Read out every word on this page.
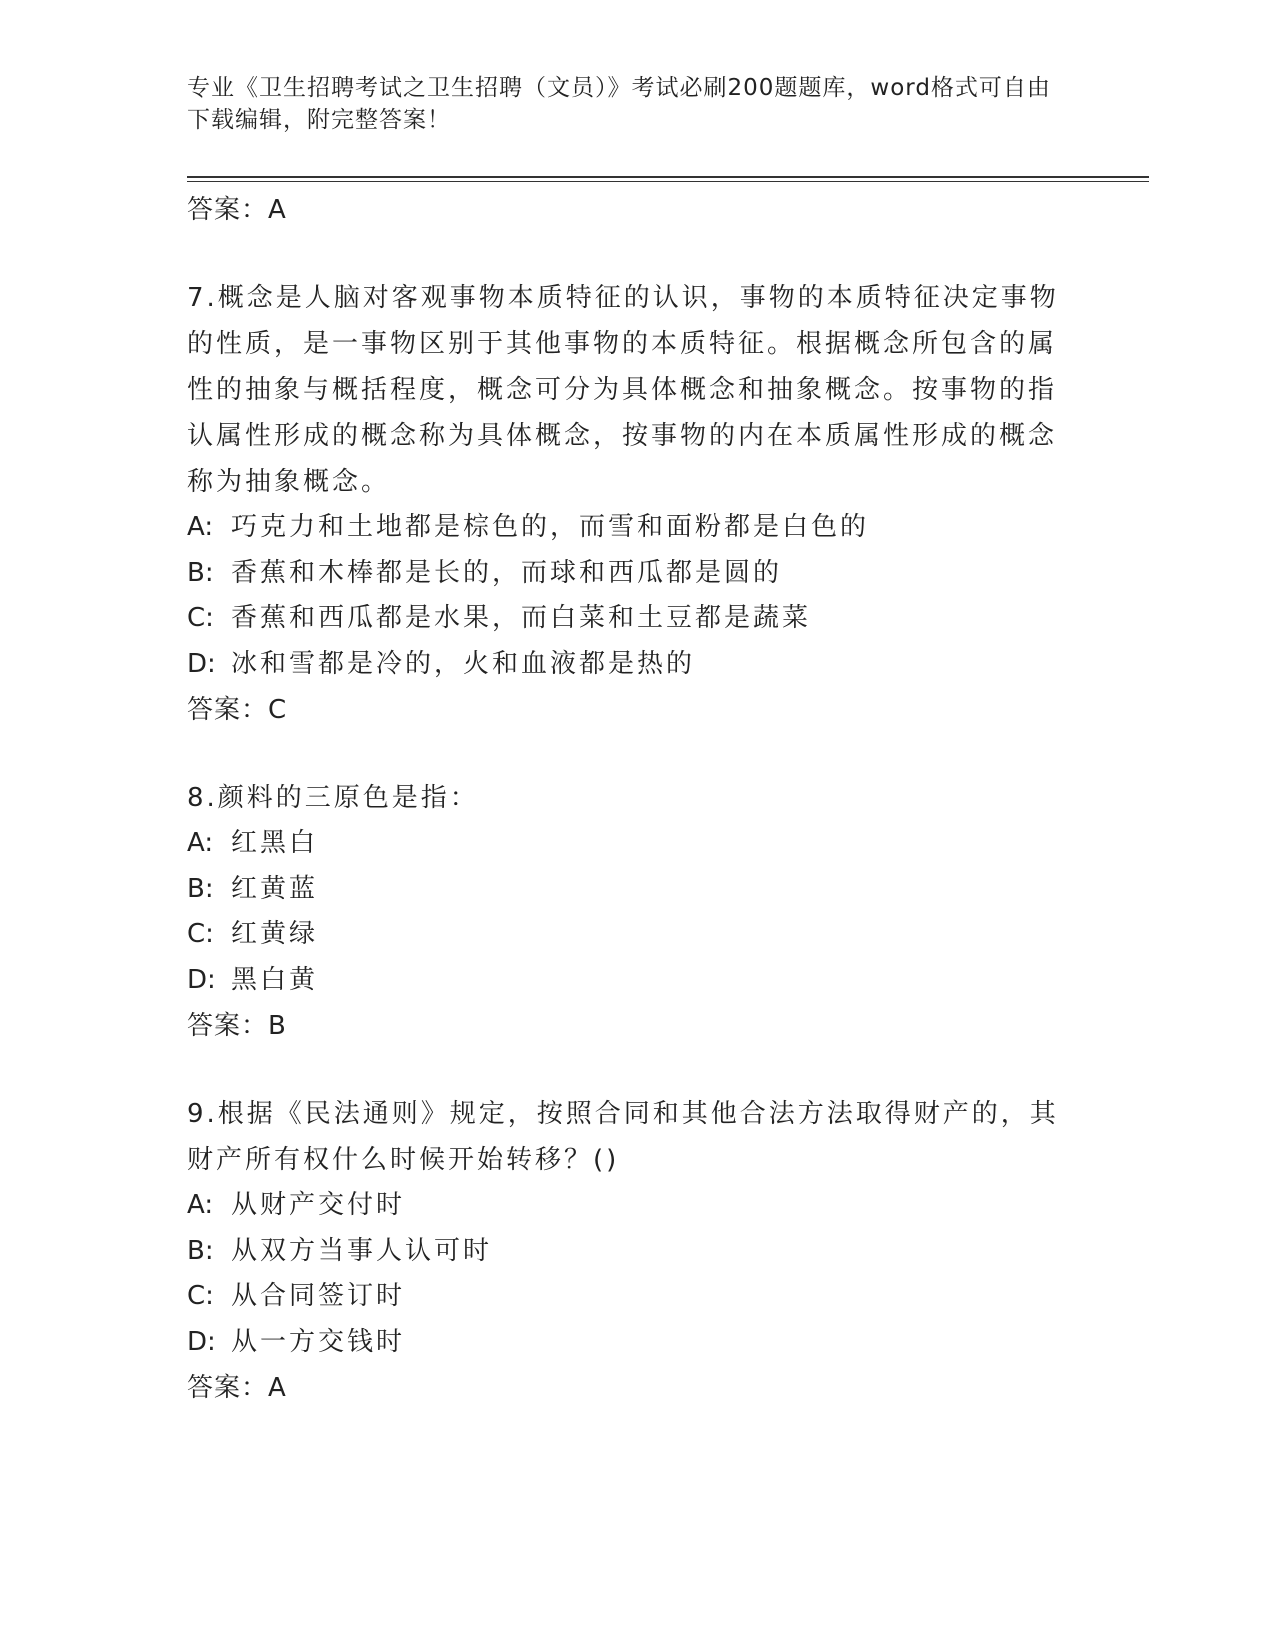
专业《卫生招聘考试之卫生招聘（文员）》考试必刷200题题库，word格式可自由下载编辑，附完整答案！
答案：A
7.概念是人脑对客观事物本质特征的认识，事物的本质特征决定事物的性质，是一事物区别于其他事物的本质特征。根据概念所包含的属性的抽象与概括程度，概念可分为具体概念和抽象概念。按事物的指认属性形成的概念称为具体概念，按事物的内在本质属性形成的概念称为抽象概念。
A: 巧克力和土地都是棕色的，而雪和面粉都是白色的
B: 香蕉和木棒都是长的，而球和西瓜都是圆的
C: 香蕉和西瓜都是水果，而白菜和土豆都是蔬菜
D: 冰和雪都是冷的，火和血液都是热的
答案：C
8.颜料的三原色是指：
A: 红黑白
B: 红黄蓝
C: 红黄绿
D: 黑白黄
答案：B
9.根据《民法通则》规定，按照合同和其他合法方法取得财产的，其财产所有权什么时候开始转移？()
A: 从财产交付时
B: 从双方当事人认可时
C: 从合同签订时
D: 从一方交钱时
答案：A
